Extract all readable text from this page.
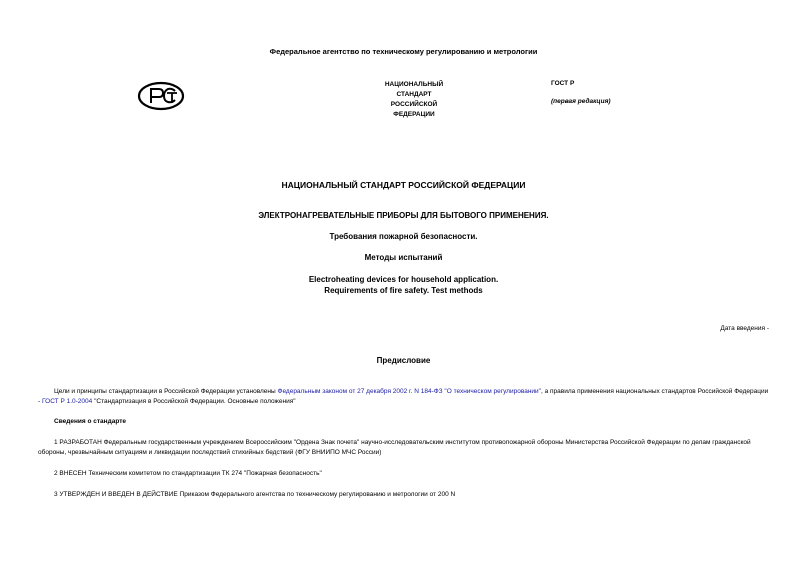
Федеральное агентство по техническому регулированию и метрологии
НАЦИОНАЛЬНЫЙ
СТАНДАРТ
РОССИЙСКОЙ
ФЕДЕРАЦИИ
ГОСТ Р
(первая редакция)
НАЦИОНАЛЬНЫЙ СТАНДАРТ РОССИЙСКОЙ ФЕДЕРАЦИИ
ЭЛЕКТРОНАГРЕВАТЕЛЬНЫЕ ПРИБОРЫ ДЛЯ БЫТОВОГО ПРИМЕНЕНИЯ.
Требования пожарной безопасности.
Методы испытаний
Electroheating devices for household application.
Requirements of fire safety. Test methods
Дата введения -
Предисловие
Цели и принципы стандартизации в Российской Федерации установлены Федеральным законом от 27 декабря 2002 г. N 184-ФЗ "О техническом регулировании", а правила применения национальных стандартов Российской Федерации - ГОСТ Р 1.0-2004 "Стандартизация в Российской Федерации. Основные положения"
Сведения о стандарте
1 РАЗРАБОТАН Федеральным государственным учреждением Всероссийским "Ордена Знак почета" научно-исследовательским институтом противопожарной обороны Министерства Российской Федерации по делам гражданской обороны, чрезвычайным ситуациям и ликвидации последствий стихийных бедствий (ФГУ ВНИИПО МЧС России)
2 ВНЕСЕН Техническим комитетом по стандартизации ТК 274 "Пожарная безопасность"
3 УТВЕРЖДЕН И ВВЕДЕН В ДЕЙСТВИЕ Приказом Федерального агентства по техническому регулированию и метрологии от 200 N
